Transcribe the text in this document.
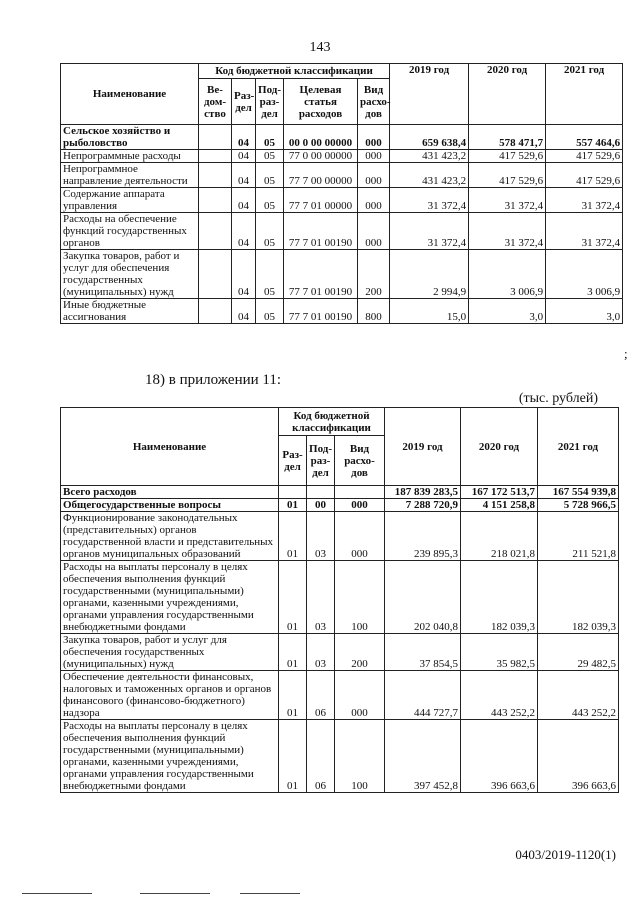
143
Наименование	Код бюджетной классификации					2019 год	2020 год	2021 год
	Ве-дом-ство	Раз-дел	Под-раз-дел	Целевая статья расходов	Вид расхо-дов			
Сельское хозяйство и рыболовство		04	05	00 0 00 00000	000	659 638,4	578 471,7	557 464,6
Непрограммные расходы		04	05	77 0 00 00000	000	431 423,2	417 529,6	417 529,6
Непрограммное направление деятельности		04	05	77 7 00 00000	000	431 423,2	417 529,6	417 529,6
Содержание аппарата управления		04	05	77 7 01 00000	000	31 372,4	31 372,4	31 372,4
Расходы на обеспечение функций государственных органов		04	05	77 7 01 00190	000	31 372,4	31 372,4	31 372,4
Закупка товаров, работ и услуг для обеспечения государственных (муниципальных) нужд		04	05	77 7 01 00190	200	2 994,9	3 006,9	3 006,9
Иные бюджетные ассигнования		04	05	77 7 01 00190	800	15,0	3,0	3,0
;
18) в приложении 11:
(тыс. рублей)
Наименование	Код бюджетной классификации			2019 год	2020 год	2021 год
	Раз-дел	Под-раз-дел	Вид расхо-дов			
Всего расходов				187 839 283,5	167 172 513,7	167 554 939,8
Общегосударственные вопросы	01	00	000	7 288 720,9	4 151 258,8	5 728 966,5
Функционирование законодательных (представительных) органов государственной власти и представительных органов муниципальных образований	01	03	000	239 895,3	218 021,8	211 521,8
Расходы на выплаты персоналу в целях обеспечения выполнения функций государственными (муниципальными) органами, казенными учреждениями, органами управления государственными внебюджетными фондами	01	03	100	202 040,8	182 039,3	182 039,3
Закупка товаров, работ и услуг для обеспечения государственных (муниципальных) нужд	01	03	200	37 854,5	35 982,5	29 482,5
Обеспечение деятельности финансовых, налоговых и таможенных органов и органов финансового (финансово-бюджетного) надзора	01	06	000	444 727,7	443 252,2	443 252,2
Расходы на выплаты персоналу в целях обеспечения выполнения функций государственными (муниципальными) органами, казенными учреждениями, органами управления государственными внебюджетными фондами	01	06	100	397 452,8	396 663,6	396 663,6
0403/2019-1120(1)
